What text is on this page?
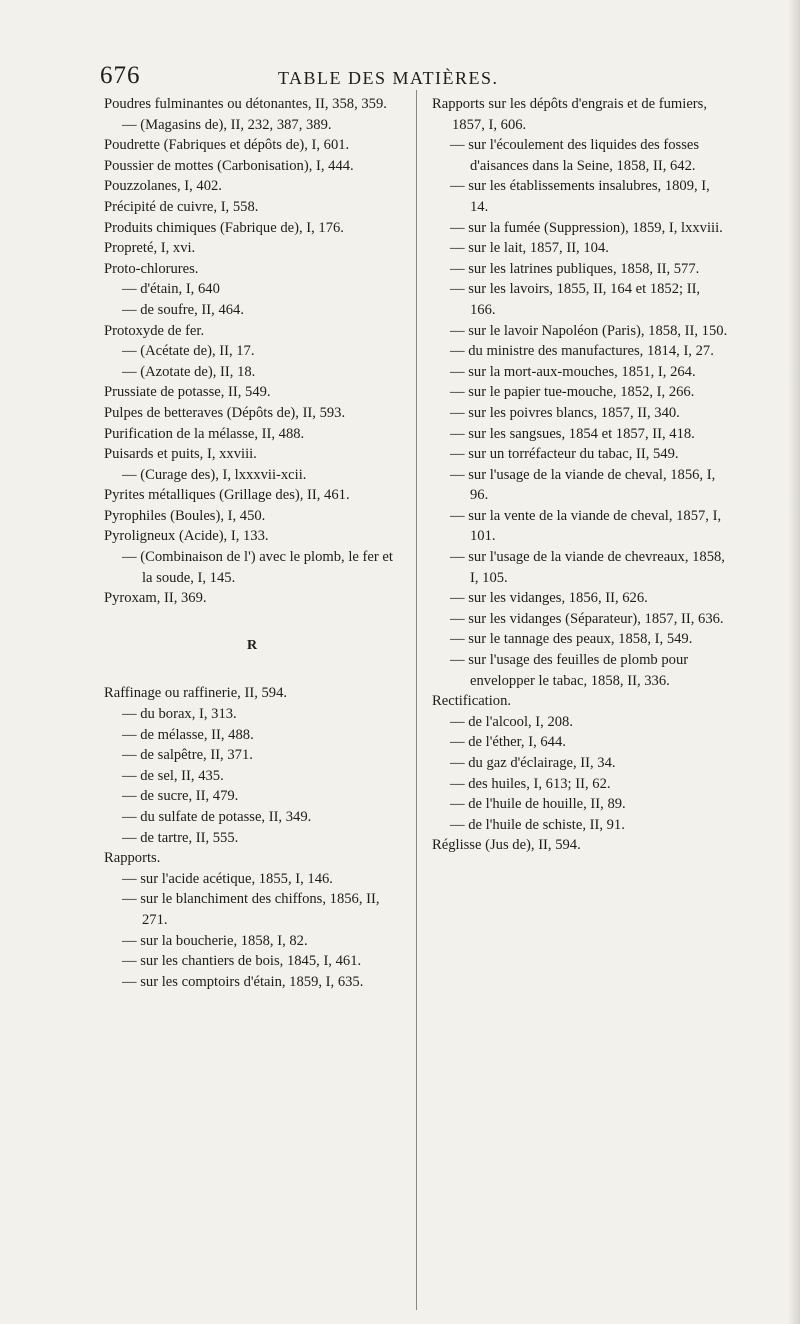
676	TABLE DES MATIÈRES.

Poudres fulminantes ou détonantes, II, 358, 359.

— (Magasins de), II, 232, 387, 389.

Poudrette (Fabriques et dépôts de), I, 601.

Poussier de mottes (Carbonisation), I, 444.

Pouzzolanes, I, 402.

Précipité de cuivre, I, 558.

Produits chimiques (Fabrique de), I, 176.

Propreté, I, xvi.

Proto-chlorures.

— d'étain, I, 640

— de soufre, II, 464.

Protoxyde de fer.

— (Acétate de), II, 17.

— (Azotate de), II, 18.

Prussiate de potasse, II, 549.

Pulpes de betteraves (Dépôts de), II, 593.

Purification de la mélasse, II, 488.

Puisards et puits, I, xxviii.

— (Curage des), I, lxxxvii-xcii.

Pyrites métalliques (Grillage des), II, 461.

Pyrophiles (Boules), I, 450.

Pyroligneux (Acide), I, 133.

— (Combinaison de l') avec le plomb, le fer et la soude, I, 145.

Pyroxam, II, 369.

R

Raffinage ou raffinerie, II, 594.

— du borax, I, 313.

— de mélasse, II, 488.

— de salpêtre, II, 371.

— de sel, II, 435.

— de sucre, II, 479.

— du sulfate de potasse, II, 349.

— de tartre, II, 555.

Rapports.

— sur l'acide acétique, 1855, I, 146.

— sur le blanchiment des chiffons, 1856, II, 271.

— sur la boucherie, 1858, I, 82.

— sur les chantiers de bois, 1845, I, 461.

— sur les comptoirs d'étain, 1859, I, 635.

Rapports sur les dépôts d'engrais et de fumiers, 1857, I, 606.

— sur l'écoulement des liquides des fosses d'aisances dans la Seine, 1858, II, 642.

— sur les établissements insalubres, 1809, I, 14.

— sur la fumée (Suppression), 1859, I, lxxviii.

— sur le lait, 1857, II, 104.

— sur les latrines publiques, 1858, II, 577.

— sur les lavoirs, 1855, II, 164 et 1852; II, 166.

— sur le lavoir Napoléon (Paris), 1858, II, 150.

— du ministre des manufactures, 1814, I, 27.

— sur la mort-aux-mouches, 1851, I, 264.

— sur le papier tue-mouche, 1852, I, 266.

— sur les poivres blancs, 1857, II, 340.

— sur les sangsues, 1854 et 1857, II, 418.

— sur un torréfacteur du tabac, II, 549.

— sur l'usage de la viande de cheval, 1856, I, 96.

— sur la vente de la viande de cheval, 1857, I, 101.

— sur l'usage de la viande de chevreaux, 1858, I, 105.

— sur les vidanges, 1856, II, 626.

— sur les vidanges (Séparateur), 1857, II, 636.

— sur le tannage des peaux, 1858, I, 549.

— sur l'usage des feuilles de plomb pour envelopper le tabac, 1858, II, 336.

Rectification.

— de l'alcool, I, 208.

— de l'éther, I, 644.

— du gaz d'éclairage, II, 34.

— des huiles, I, 613; II, 62.

— de l'huile de houille, II, 89.

— de l'huile de schiste, II, 91.

Réglisse (Jus de), II, 594.
